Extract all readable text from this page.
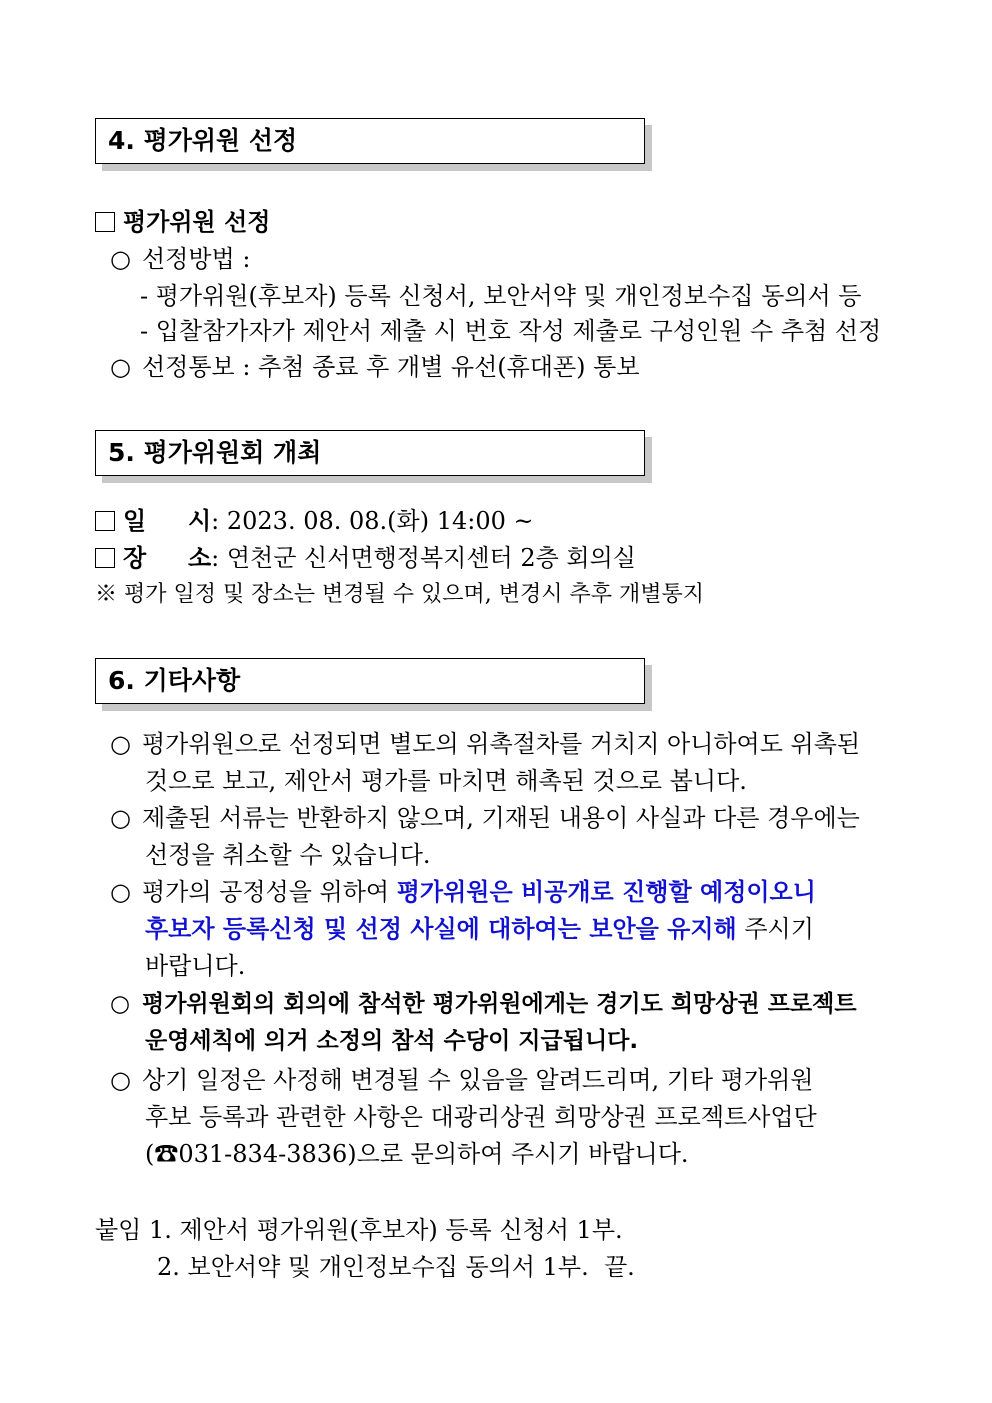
4. 평가위원 선정
평가위원 선정
○ 선정방법 :
- 평가위원(후보자) 등록 신청서, 보안서약 및 개인정보수집 동의서 등
- 입찰참가자가 제안서 제출 시 번호 작성 제출로 구성인원 수 추첨 선정
○ 선정통보 : 추첨 종료 후 개별 유선(휴대폰) 통보
5. 평가위원회 개최
일     시: 2023. 08. 08.(화) 14:00 ~
장     소: 연천군 신서면행정복지센터 2층 회의실
※ 평가 일정 및 장소는 변경될 수 있으며, 변경시 추후 개별통지
6. 기타사항
○ 평가위원으로 선정되면 별도의 위촉절차를 거치지 아니하여도 위촉된
것으로 보고, 제안서 평가를 마치면 해촉된 것으로 봅니다.
○ 제출된 서류는 반환하지 않으며, 기재된 내용이 사실과 다른 경우에는
선정을 취소할 수 있습니다.
○ 평가의 공정성을 위하여 평가위원은 비공개로 진행할 예정이오니
후보자 등록신청 및 선정 사실에 대하여는 보안을 유지해 주시기
바랍니다.
○ 평가위원회의 회의에 참석한 평가위원에게는 경기도 희망상권 프로젝트
운영세칙에 의거 소정의 참석 수당이 지급됩니다.
○ 상기 일정은 사정해 변경될 수 있음을 알려드리며, 기타 평가위원
후보 등록과 관련한 사항은 대광리상권 희망상권 프로젝트사업단
(☎031-834-3836)으로 문의하여 주시기 바랍니다.
붙임 1. 제안서 평가위원(후보자) 등록 신청서 1부.
2. 보안서약 및 개인정보수집 동의서 1부. 끝.
